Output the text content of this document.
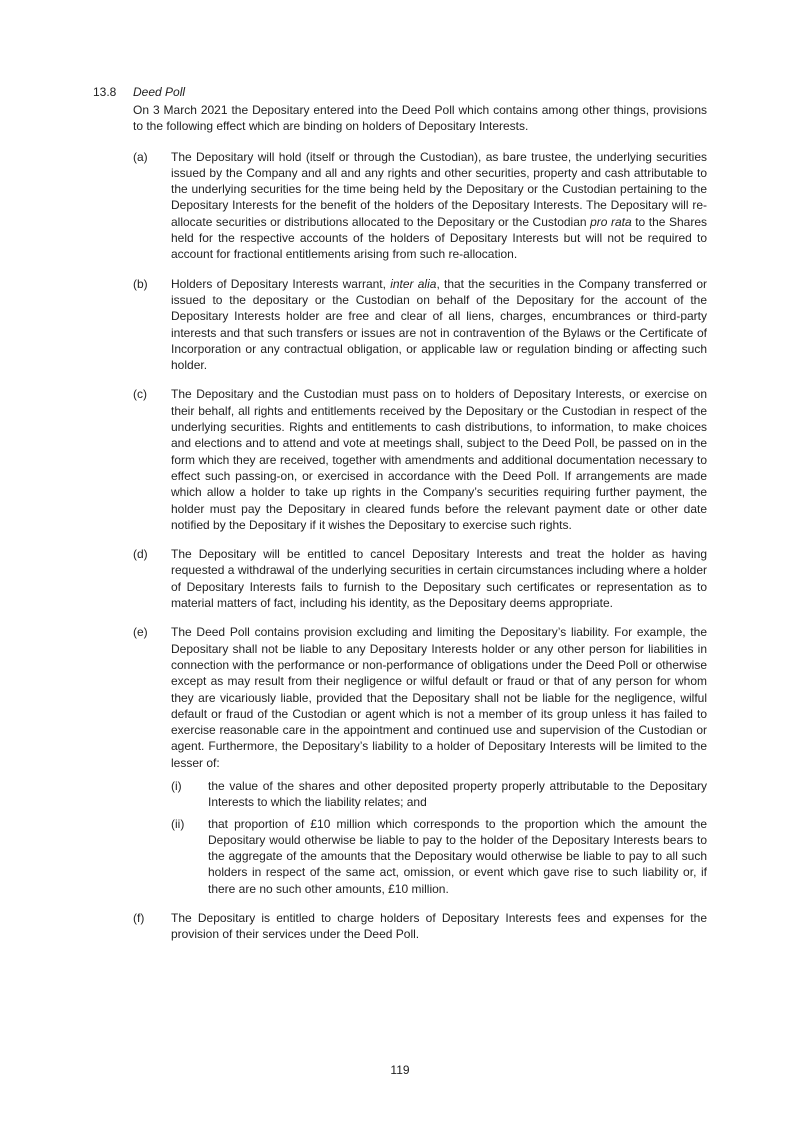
13.8 Deed Poll

On 3 March 2021 the Depositary entered into the Deed Poll which contains among other things, provisions to the following effect which are binding on holders of Depositary Interests.

(a)	The Depositary will hold (itself or through the Custodian), as bare trustee, the underlying securities issued by the Company and all and any rights and other securities, property and cash attributable to the underlying securities for the time being held by the Depositary or the Custodian pertaining to the Depositary Interests for the benefit of the holders of the Depositary Interests. The Depositary will re-allocate securities or distributions allocated to the Depositary or the Custodian pro rata to the Shares held for the respective accounts of the holders of Depositary Interests but will not be required to account for fractional entitlements arising from such re-allocation.
(b)	Holders of Depositary Interests warrant, inter alia, that the securities in the Company transferred or issued to the depositary or the Custodian on behalf of the Depositary for the account of the Depositary Interests holder are free and clear of all liens, charges, encumbrances or third-party interests and that such transfers or issues are not in contravention of the Bylaws or the Certificate of Incorporation or any contractual obligation, or applicable law or regulation binding or affecting such holder.
(c)	The Depositary and the Custodian must pass on to holders of Depositary Interests, or exercise on their behalf, all rights and entitlements received by the Depositary or the Custodian in respect of the underlying securities. Rights and entitlements to cash distributions, to information, to make choices and elections and to attend and vote at meetings shall, subject to the Deed Poll, be passed on in the form which they are received, together with amendments and additional documentation necessary to effect such passing-on, or exercised in accordance with the Deed Poll. If arrangements are made which allow a holder to take up rights in the Company’s securities requiring further payment, the holder must pay the Depositary in cleared funds before the relevant payment date or other date notified by the Depositary if it wishes the Depositary to exercise such rights.
(d)	The Depositary will be entitled to cancel Depositary Interests and treat the holder as having requested a withdrawal of the underlying securities in certain circumstances including where a holder of Depositary Interests fails to furnish to the Depositary such certificates or representation as to material matters of fact, including his identity, as the Depositary deems appropriate.
(e)	The Deed Poll contains provision excluding and limiting the Depositary’s liability. For example, the Depositary shall not be liable to any Depositary Interests holder or any other person for liabilities in connection with the performance or non-performance of obligations under the Deed Poll or otherwise except as may result from their negligence or wilful default or fraud or that of any person for whom they are vicariously liable, provided that the Depositary shall not be liable for the negligence, wilful default or fraud of the Custodian or agent which is not a member of its group unless it has failed to exercise reasonable care in the appointment and continued use and supervision of the Custodian or agent. Furthermore, the Depositary’s liability to a holder of Depositary Interests will be limited to the lesser of:
(i)	the value of the shares and other deposited property properly attributable to the Depositary Interests to which the liability relates; and
(ii)	that proportion of £10 million which corresponds to the proportion which the amount the Depositary would otherwise be liable to pay to the holder of the Depositary Interests bears to the aggregate of the amounts that the Depositary would otherwise be liable to pay to all such holders in respect of the same act, omission, or event which gave rise to such liability or, if there are no such other amounts, £10 million.
(f)	The Depositary is entitled to charge holders of Depositary Interests fees and expenses for the provision of their services under the Deed Poll.
119
